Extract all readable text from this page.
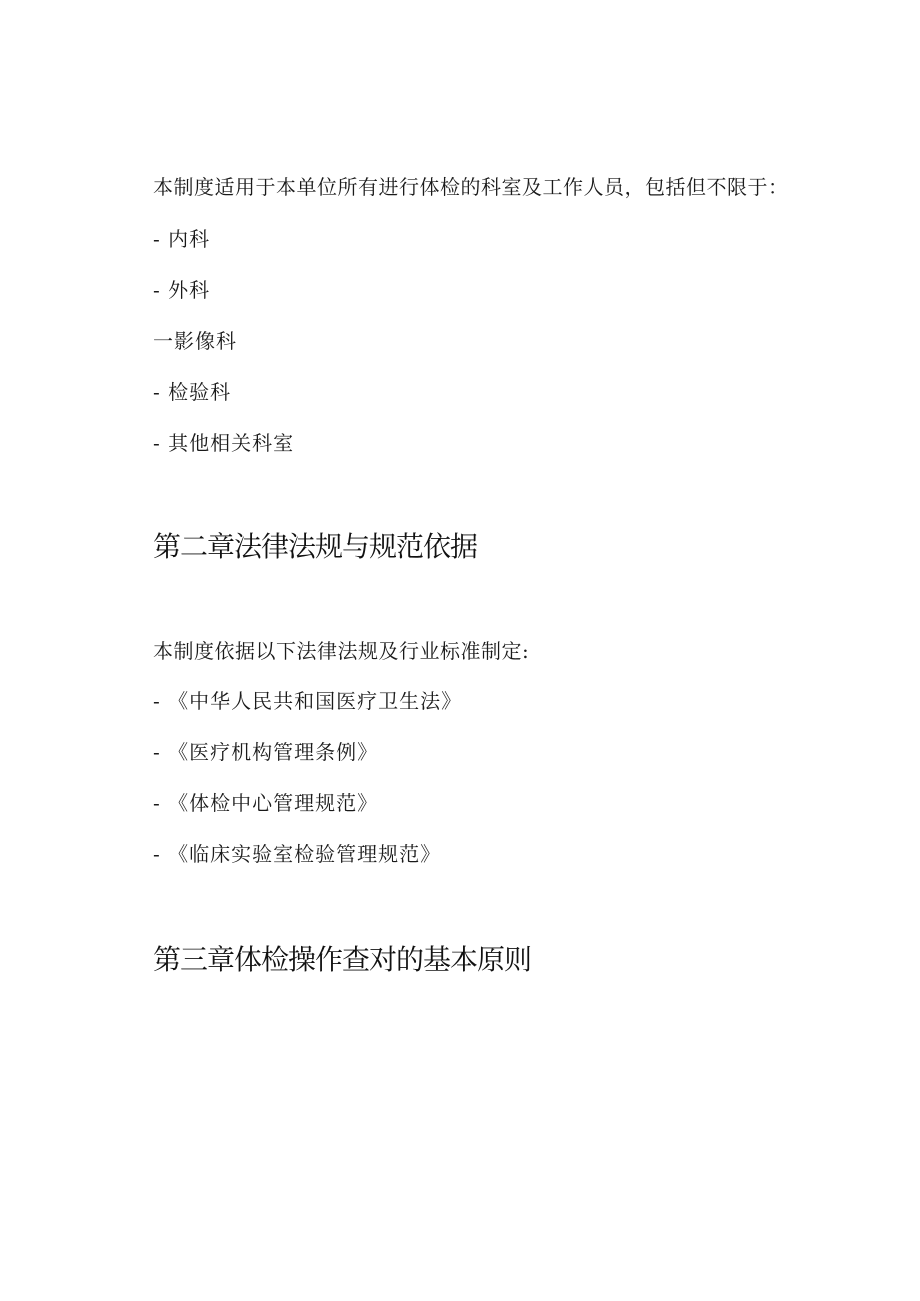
本制度适用于本单位所有进行体检的科室及工作人员，包括但不限于：
- 内科
- 外科
一影像科
- 检验科
- 其他相关科室
第二章法律法规与规范依据
本制度依据以下法律法规及行业标准制定:
- 《中华人民共和国医疗卫生法》
- 《医疗机构管理条例》
- 《体检中心管理规范》
- 《临床实验室检验管理规范》
第三章体检操作查对的基本原则
